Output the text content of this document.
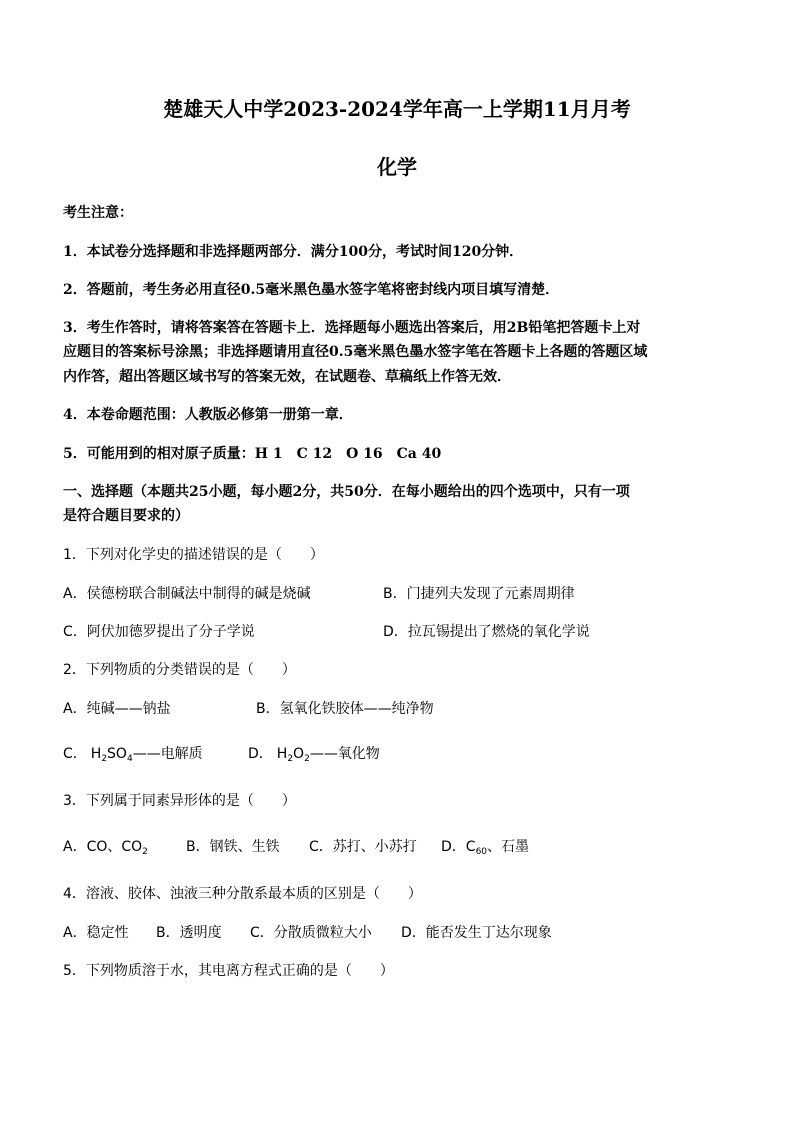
楚雄天人中学2023-2024学年高一上学期11月月考
化学
考生注意：
1．本试卷分选择题和非选择题两部分．满分100分，考试时间120分钟．
2．答题前，考生务必用直径0.5毫米黑色墨水签字笔将密封线内项目填写清楚．
3．考生作答时，请将答案答在答题卡上．选择题每小题选出答案后，用2B铅笔把答题卡上对
应题目的答案标号涂黑；非选择题请用直径0.5毫米黑色墨水签字笔在答题卡上各题的答题区域
内作答，超出答题区域书写的答案无效，在试题卷、草稿纸上作答无效．
4．本卷命题范围：人教版必修第一册第一章．
5．可能用到的相对原子质量：H 1　C 12　O 16　Ca 40
一、选择题（本题共25小题，每小题2分，共50分．在每小题给出的四个选项中，只有一项
是符合题目要求的）
1．下列对化学史的描述错误的是（　　）
A．侯德榜联合制碱法中制得的碱是烧碱	B．门捷列夫发现了元素周期律
C．阿伏加德罗提出了分子学说	D．拉瓦锡提出了燃烧的氧化学说
2．下列物质的分类错误的是（　　）
A．纯碱——钠盐	B．氢氧化铁胶体——纯净物
C． $H_2SO_4——$电解质	D． $H_2O_2——$氧化物
3．下列属于同素异形体的是（　　）
A．CO、$CO_2$	B．钢铁、生铁 C．苏打、小苏打 D．$C_{60}$、石墨
4．溶液、胶体、浊液三种分散系最本质的区别是（　　）
A．稳定性 B．透明度 C．分散质微粒大小 D．能否发生丁达尔现象
5．下列物质溶于水，其电离方程式正确的是（　　）
